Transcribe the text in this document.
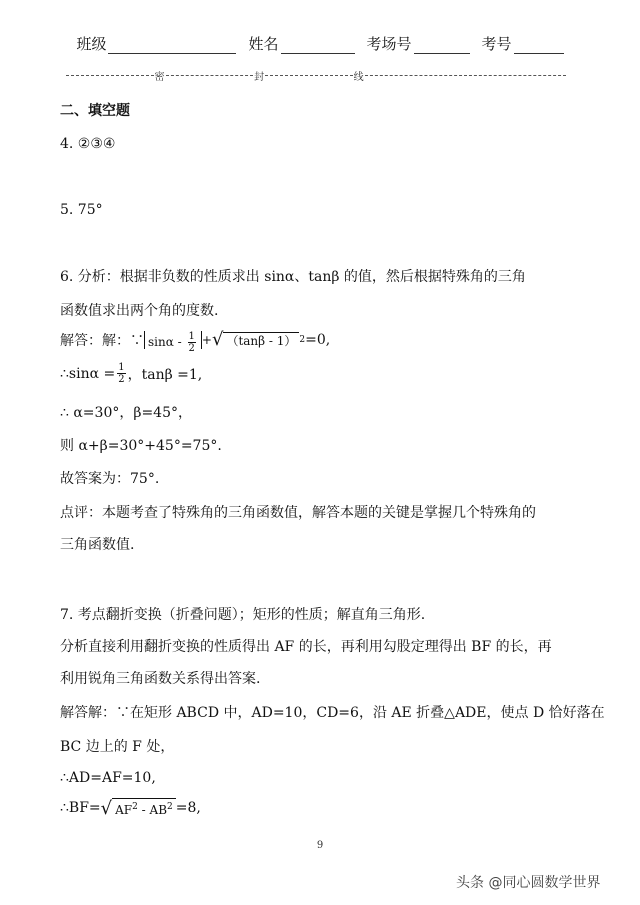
班级	姓名	考场号	考号
密	封	线
二、填空题
4. ②③④
5. 75°
6. 分析：根据非负数的性质求出 sinα、tanβ 的值，然后根据特殊角的三角
函数值求出两个角的度数.
解答：解：∵ sinα - $\frac{1}{2}$ + √ （tanβ - 1） 2 =0,
∴sinα = $\frac{1}{2}$ ，tanβ =1,
∴ α=30°，β=45°，
则 α+β=30°+45°=75°.
故答案为：75°.
点评：本题考查了特殊角的三角函数值，解答本题的关键是掌握几个特殊角的
三角函数值.
7. 考点翻折变换（折叠问题）；矩形的性质；解直角三角形.
分析直接利用翻折变换的性质得出 AF 的长，再利用勾股定理得出 BF 的长，再
利用锐角三角函数关系得出答案.
解答解：∵在矩形 ABCD 中，AD=10，CD=6，沿 AE 折叠△ADE，使点 D 恰好落在
BC 边上的 F 处，
∴AD=AF=10,
∴BF= √ $AF^2 - AB^2 =8$,
9
头条 @同心圆数学世界
